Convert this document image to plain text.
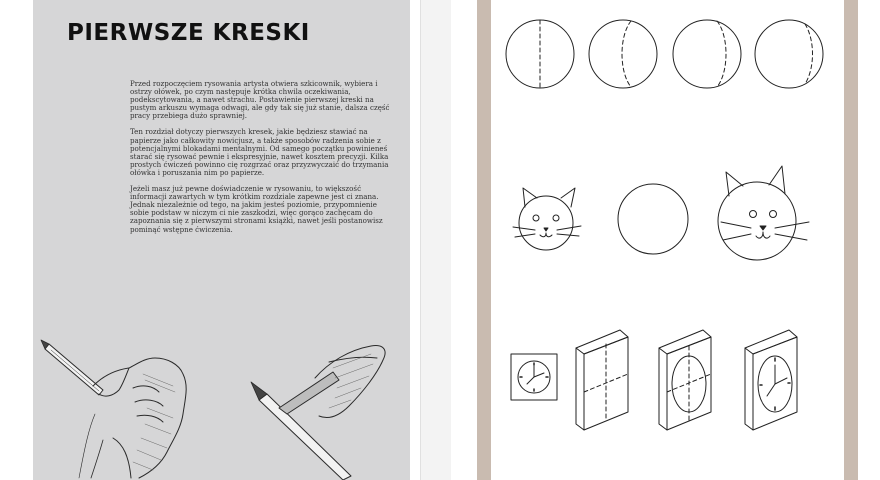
PIERWSZE KRESKI

Przed rozpoczęciem rysowania artysta otwiera szkicownik, wybiera i ostrzy ołówek, po czym następuje krótka chwila oczekiwania, podekscytowania, a nawet strachu. Postawienie pierwszej kreski na pustym arkuszu wymaga odwagi, ale gdy tak się już stanie, dalsza część pracy przebiega dużo sprawniej.

Ten rozdział dotyczy pierwszych kresek, jakie będziesz stawiać na papierze jako całkowity nowicjusz, a także sposobów radzenia sobie z potencjalnymi blokadami mentalnymi. Od samego początku powinieneś starać się rysować pewnie i ekspresyjnie, nawet kosztem precyzji. Kilka prostych ćwiczeń powinno cię rozgrzać oraz przyzwyczaić do trzymania ołówka i poruszania nim po papierze.

Jeżeli masz już pewne doświadczenie w rysowaniu, to większość informacji zawartych w tym krótkim rozdziale zapewne jest ci znana. Jednak niezależnie od tego, na jakim jesteś poziomie, przypomnienie sobie podstaw w niczym ci nie zaszkodzi, więc gorąco zachęcam do zapoznania się z pierwszymi stronami książki, nawet jeśli postanowisz pominąć wstępne ćwiczenia.
